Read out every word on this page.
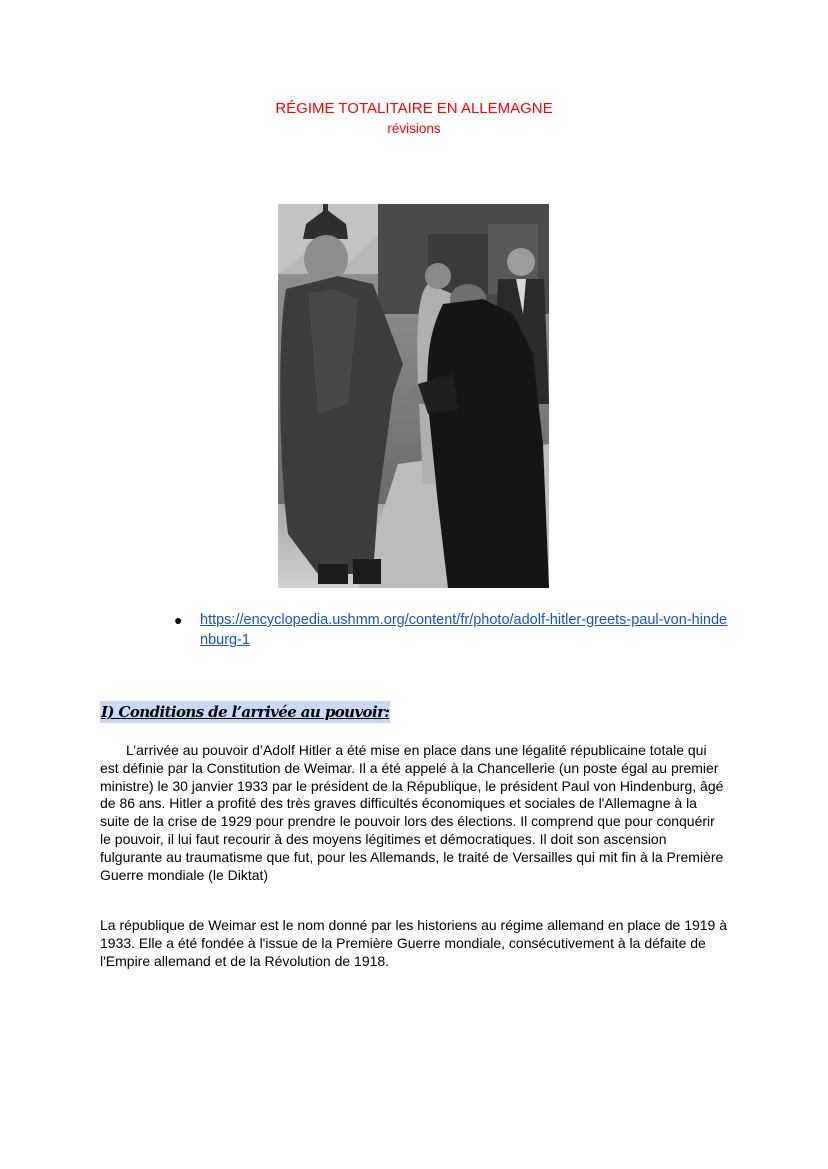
RÉGIME TOTALITAIRE EN ALLEMAGNE
révisions
● https://encyclopedia.ushmm.org/content/fr/photo/adolf-hitler-greets-paul-von-hindenburg-1
I) Conditions de l’arrivée au pouvoir:

L’arrivée au pouvoir d’Adolf Hitler a été mise en place dans une légalité républicaine totale qui est définie par la Constitution de Weimar. Il a été appelé à la Chancellerie (un poste égal au premier ministre) le 30 janvier 1933 par le président de la République, le président Paul von Hindenburg, âgé de 86 ans. Hitler a profité des très graves difficultés économiques et sociales de l'Allemagne à la suite de la crise de 1929 pour prendre le pouvoir lors des élections. Il comprend que pour conquérir le pouvoir, il lui faut recourir à des moyens légitimes et démocratiques. Il doit son ascension fulgurante au traumatisme que fut, pour les Allemands, le traité de Versailles qui mit fin à la Première Guerre mondiale (le Diktat)

La république de Weimar est le nom donné par les historiens au régime allemand en place de 1919 à 1933. Elle a été fondée à l'issue de la Première Guerre mondiale, consécutivement à la défaite de l'Empire allemand et de la Révolution de 1918.
